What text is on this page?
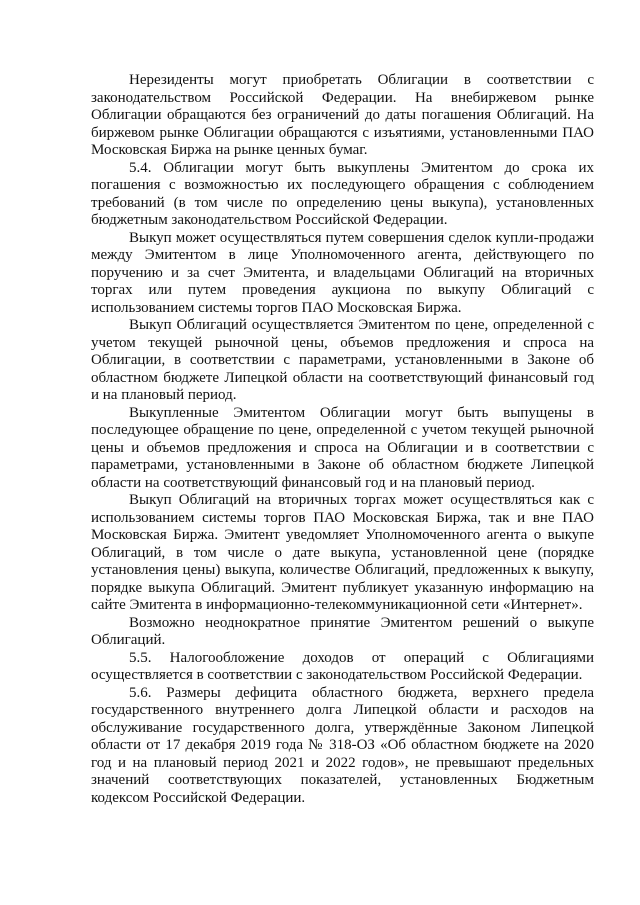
Нерезиденты могут приобретать Облигации в соответствии с законодательством Российской Федерации. На внебиржевом рынке Облигации обращаются без ограничений до даты погашения Облигаций. На биржевом рынке Облигации обращаются с изъятиями, установленными ПАО Московская Биржа на рынке ценных бумаг.

5.4. Облигации могут быть выкуплены Эмитентом до срока их погашения с возможностью их последующего обращения с соблюдением требований (в том числе по определению цены выкупа), установленных бюджетным законодательством Российской Федерации.

Выкуп может осуществляться путем совершения сделок купли-продажи между Эмитентом в лице Уполномоченного агента, действующего по поручению и за счет Эмитента, и владельцами Облигаций на вторичных торгах или путем проведения аукциона по выкупу Облигаций с использованием системы торгов ПАО Московская Биржа.

Выкуп Облигаций осуществляется Эмитентом по цене, определенной с учетом текущей рыночной цены, объемов предложения и спроса на Облигации, в соответствии с параметрами, установленными в Законе об областном бюджете Липецкой области на соответствующий финансовый год и на плановый период.

Выкупленные Эмитентом Облигации могут быть выпущены в последующее обращение по цене, определенной с учетом текущей рыночной цены и объемов предложения и спроса на Облигации и в соответствии с параметрами, установленными в Законе об областном бюджете Липецкой области на соответствующий финансовый год и на плановый период.

Выкуп Облигаций на вторичных торгах может осуществляться как с использованием системы торгов ПАО Московская Биржа, так и вне ПАО Московская Биржа. Эмитент уведомляет Уполномоченного агента о выкупе Облигаций, в том числе о дате выкупа, установленной цене (порядке установления цены) выкупа, количестве Облигаций, предложенных к выкупу, порядке выкупа Облигаций. Эмитент публикует указанную информацию на сайте Эмитента в информационно-телекоммуникационной сети «Интернет».

Возможно неоднократное принятие Эмитентом решений о выкупе Облигаций.

5.5. Налогообложение доходов от операций с Облигациями осуществляется в соответствии с законодательством Российской Федерации.

5.6. Размеры дефицита областного бюджета, верхнего предела государственного внутреннего долга Липецкой области и расходов на обслуживание государственного долга, утверждённые Законом Липецкой области от 17 декабря 2019 года № 318-ОЗ «Об областном бюджете на 2020 год и на плановый период 2021 и 2022 годов», не превышают предельных значений соответствующих показателей, установленных Бюджетным кодексом Российской Федерации.
